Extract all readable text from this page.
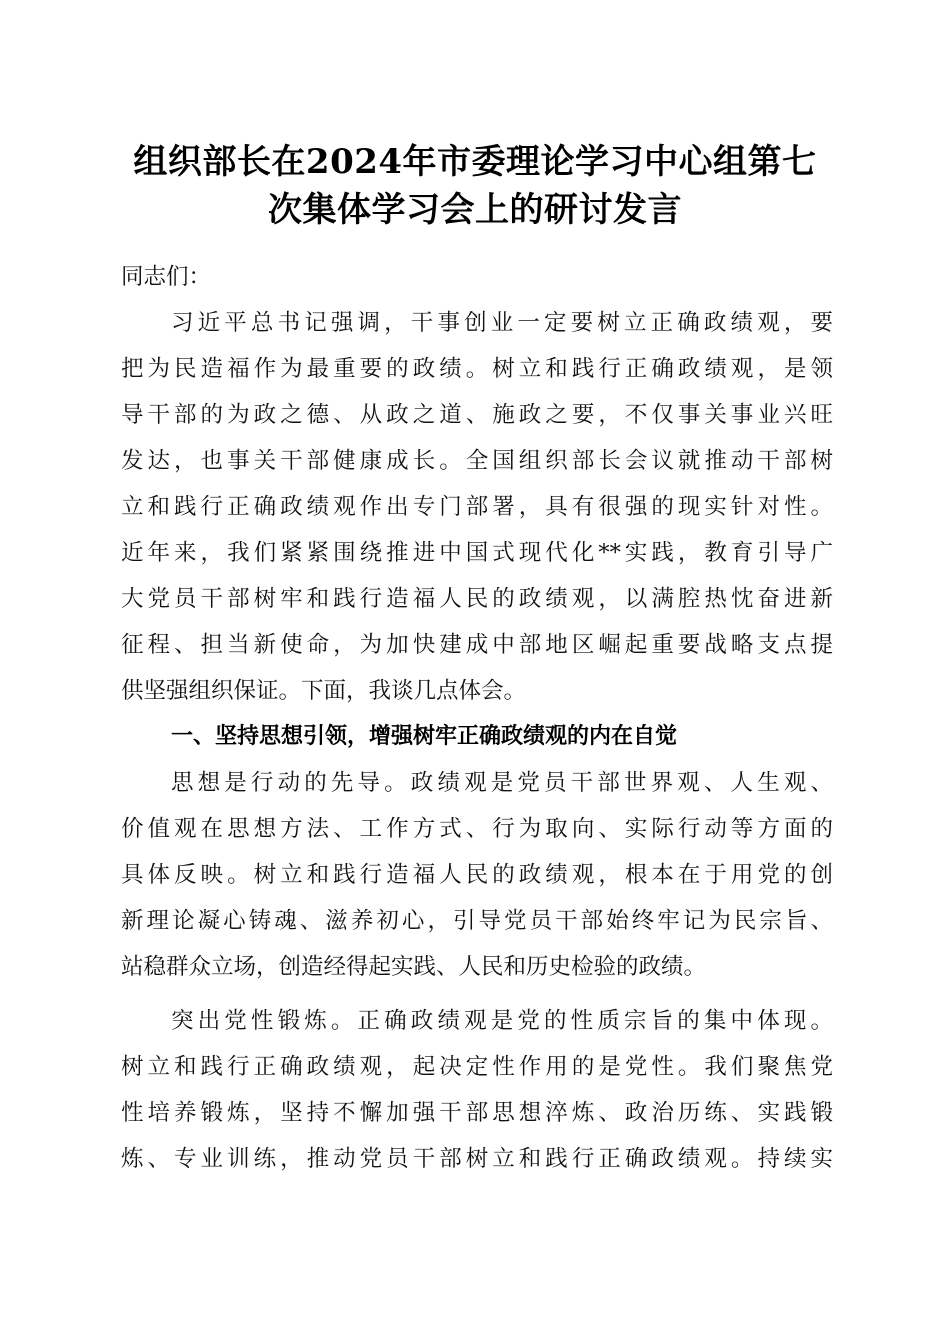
组织部长在2024年市委理论学习中心组第七
次集体学习会上的研讨发言
同志们：
习近平总书记强调，干事创业一定要树立正确政绩观，要
把为民造福作为最重要的政绩。树立和践行正确政绩观，是领
导干部的为政之德、从政之道、施政之要，不仅事关事业兴旺
发达，也事关干部健康成长。全国组织部长会议就推动干部树
立和践行正确政绩观作出专门部署，具有很强的现实针对性。
近年来，我们紧紧围绕推进中国式现代化**实践，教育引导广
大党员干部树牢和践行造福人民的政绩观，以满腔热忱奋进新
征程、担当新使命，为加快建成中部地区崛起重要战略支点提
供坚强组织保证。下面，我谈几点体会。
一、坚持思想引领，增强树牢正确政绩观的内在自觉
思想是行动的先导。政绩观是党员干部世界观、人生观、
价值观在思想方法、工作方式、行为取向、实际行动等方面的
具体反映。树立和践行造福人民的政绩观，根本在于用党的创
新理论凝心铸魂、滋养初心，引导党员干部始终牢记为民宗旨、
站稳群众立场，创造经得起实践、人民和历史检验的政绩。
突出党性锻炼。正确政绩观是党的性质宗旨的集中体现。
树立和践行正确政绩观，起决定性作用的是党性。我们聚焦党
性培养锻炼，坚持不懈加强干部思想淬炼、政治历练、实践锻
炼、专业训练，推动党员干部树立和践行正确政绩观。持续实
